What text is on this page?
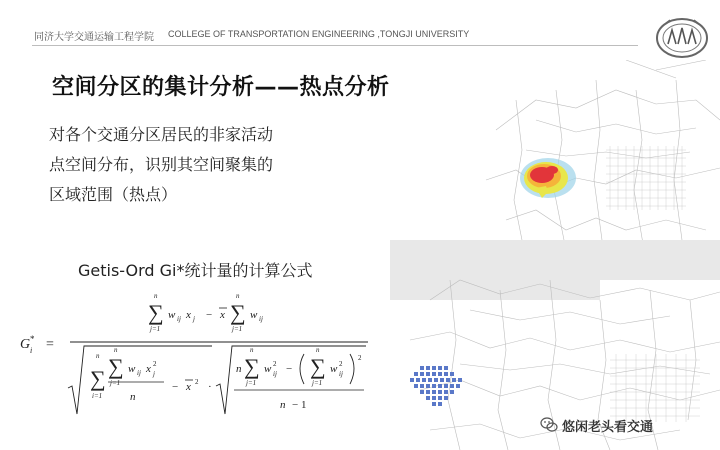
同济大学交通运输工程学院 COLLEGE OF TRANSPORTATION ENGINEERING ,TONGJI UNIVERSITY
空间分区的集计分析——热点分析
对各个交通分区居民的非家活动
点空间分布，识别其空间聚集的
区域范围（热点）
Getis-Ord Gi*统计量的计算公式
G *
i =
n
∑
j=1
w ij x j − x
n
∑
j=1
w ij
n
∑
i=1
n
∑
j=1
w ij x 2
j
n
− x 2 ·
n
n
∑
j=1
w 2
ij −
n
∑
j=1
w 2
ij
2
n − 1
悠闲老头看交通
